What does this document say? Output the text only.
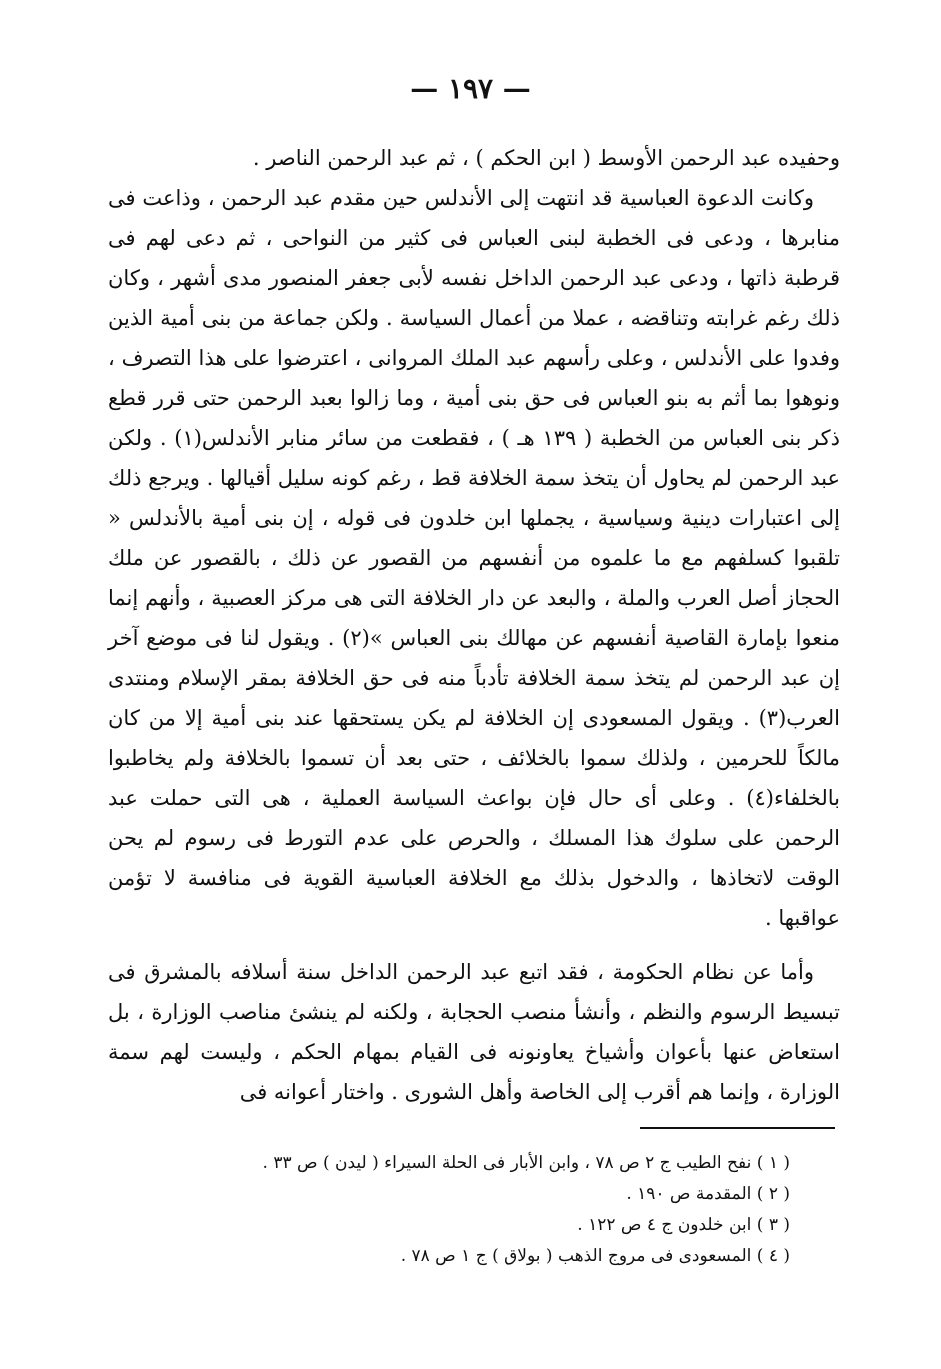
— ١٩٧ —

وحفيده عبد الرحمن الأوسط ( ابن الحكم ) ، ثم عبد الرحمن الناصر .

وكانت الدعوة العباسية قد انتهت إلى الأندلس حين مقدم عبد الرحمن ، وذاعت فى منابرها ، ودعى فى الخطبة لبنى العباس فى كثير من النواحى ، ثم دعى لهم فى قرطبة ذاتها ، ودعى عبد الرحمن الداخل نفسه لأبى جعفر المنصور مدى أشهر ، وكان ذلك رغم غرابته وتناقضه ، عملا من أعمال السياسة . ولكن جماعة من بنى أمية الذين وفدوا على الأندلس ، وعلى رأسهم عبد الملك المروانى ، اعترضوا على هذا التصرف ، ونوهوا بما أثم به بنو العباس فى حق بنى أمية ، وما زالوا بعبد الرحمن حتى قرر قطع ذكر بنى العباس من الخطبة ( ١٣٩ هـ ) ، فقطعت من سائر منابر الأندلس(١) . ولكن عبد الرحمن لم يحاول أن يتخذ سمة الخلافة قط ، رغم كونه سليل أقيالها . ويرجع ذلك إلى اعتبارات دينية وسياسية ، يجملها ابن خلدون فى قوله ، إن بنى أمية بالأندلس « تلقبوا كسلفهم مع ما علموه من أنفسهم من القصور عن ذلك ، بالقصور عن ملك الحجاز أصل العرب والملة ، والبعد عن دار الخلافة التى هى مركز العصبية ، وأنهم إنما منعوا بإمارة القاصية أنفسهم عن مهالك بنى العباس »(٢) . ويقول لنا فى موضع آخر إن عبد الرحمن لم يتخذ سمة الخلافة تأدباً منه فى حق الخلافة بمقر الإسلام ومنتدى العرب(٣) . ويقول المسعودى إن الخلافة لم يكن يستحقها عند بنى أمية إلا من كان مالكاً للحرمين ، ولذلك سموا بالخلائف ، حتى بعد أن تسموا بالخلافة ولم يخاطبوا بالخلفاء(٤) . وعلى أى حال فإن بواعث السياسة العملية ، هى التى حملت عبد الرحمن على سلوك هذا المسلك ، والحرص على عدم التورط فى رسوم لم يحن الوقت لاتخاذها ، والدخول بذلك مع الخلافة العباسية القوية فى منافسة لا تؤمن عواقبها .

وأما عن نظام الحكومة ، فقد اتبع عبد الرحمن الداخل سنة أسلافه بالمشرق فى تبسيط الرسوم والنظم ، وأنشأ منصب الحجابة ، ولكنه لم ينشئ مناصب الوزارة ، بل استعاض عنها بأعوان وأشياخ يعاونونه فى القيام بمهام الحكم ، وليست لهم سمة الوزارة ، وإنما هم أقرب إلى الخاصة وأهل الشورى . واختار أعوانه فى

( ١ ) نفح الطيب ج ٢ ص ٧٨ ، وابن الأبار فى الحلة السيراء ( ليدن ) ص ٣٣ .
( ٢ ) المقدمة ص ١٩٠ .
( ٣ ) ابن خلدون ج ٤ ص ١٢٢ .
( ٤ ) المسعودى فى مروج الذهب ( بولاق ) ج ١ ص ٧٨ .
